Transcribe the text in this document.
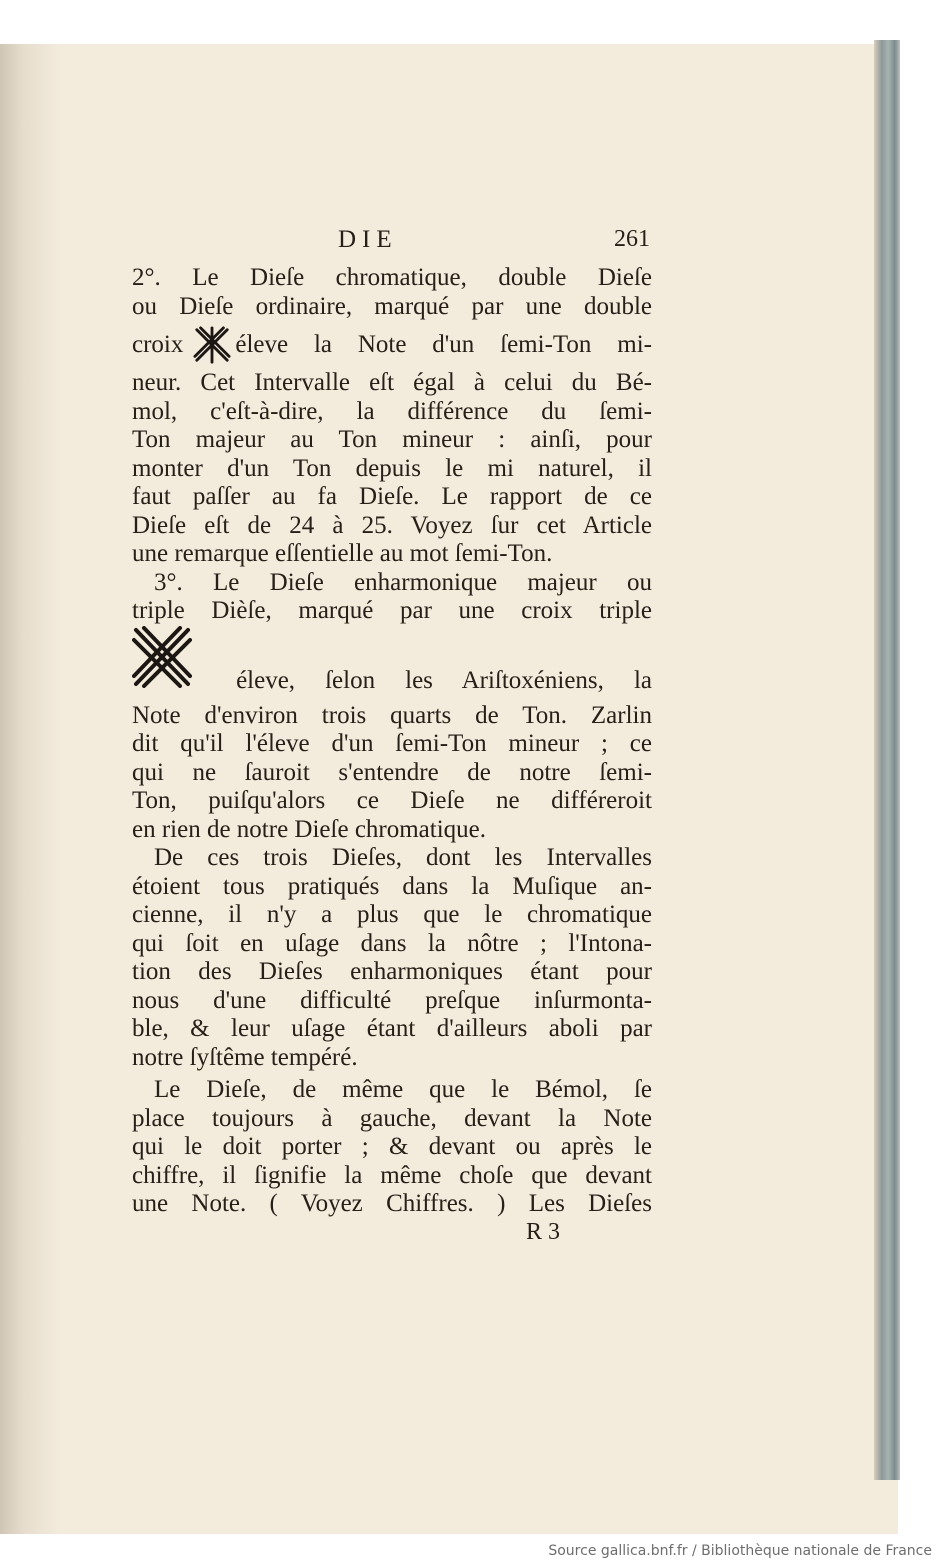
DIE	261
2°. Le Dieſe chromatique, double Dieſe
ou Dieſe ordinaire, marqué par une double
croix éleve la Note d'un ſemi-Ton mi-
neur. Cet Intervalle eſt égal à celui du Bé-
mol, c'eſt-à-dire, la différence du ſemi-
Ton majeur au Ton mineur : ainſi, pour
monter d'un Ton depuis le mi naturel, il
faut paſſer au fa Dieſe. Le rapport de ce
Dieſe eſt de 24 à 25. Voyez ſur cet Article
une remarque eſſentielle au mot ſemi-Ton.
3°. Le Dieſe enharmonique majeur ou
triple Dièſe, marqué par une croix triple
éleve, ſelon les Ariſtoxéniens, la
Note d'environ trois quarts de Ton. Zarlin
dit qu'il l'éleve d'un ſemi-Ton mineur ; ce
qui ne ſauroit s'entendre de notre ſemi-
Ton, puiſqu'alors ce Dieſe ne différeroit
en rien de notre Dieſe chromatique.
De ces trois Dieſes, dont les Intervalles
étoient tous pratiqués dans la Muſique an-
cienne, il n'y a plus que le chromatique
qui ſoit en uſage dans la nôtre ; l'Intona-
tion des Dieſes enharmoniques étant pour
nous d'une difficulté preſque inſurmonta-
ble, & leur uſage étant d'ailleurs aboli par
notre ſyſtême tempéré.
Le Dieſe, de même que le Bémol, ſe
place toujours à gauche, devant la Note
qui le doit porter ; & devant ou après le
chiffre, il ſignifie la même choſe que devant
une Note. ( Voyez Chiffres. ) Les Dieſes
R 3
Source gallica.bnf.fr / Bibliothèque nationale de France
